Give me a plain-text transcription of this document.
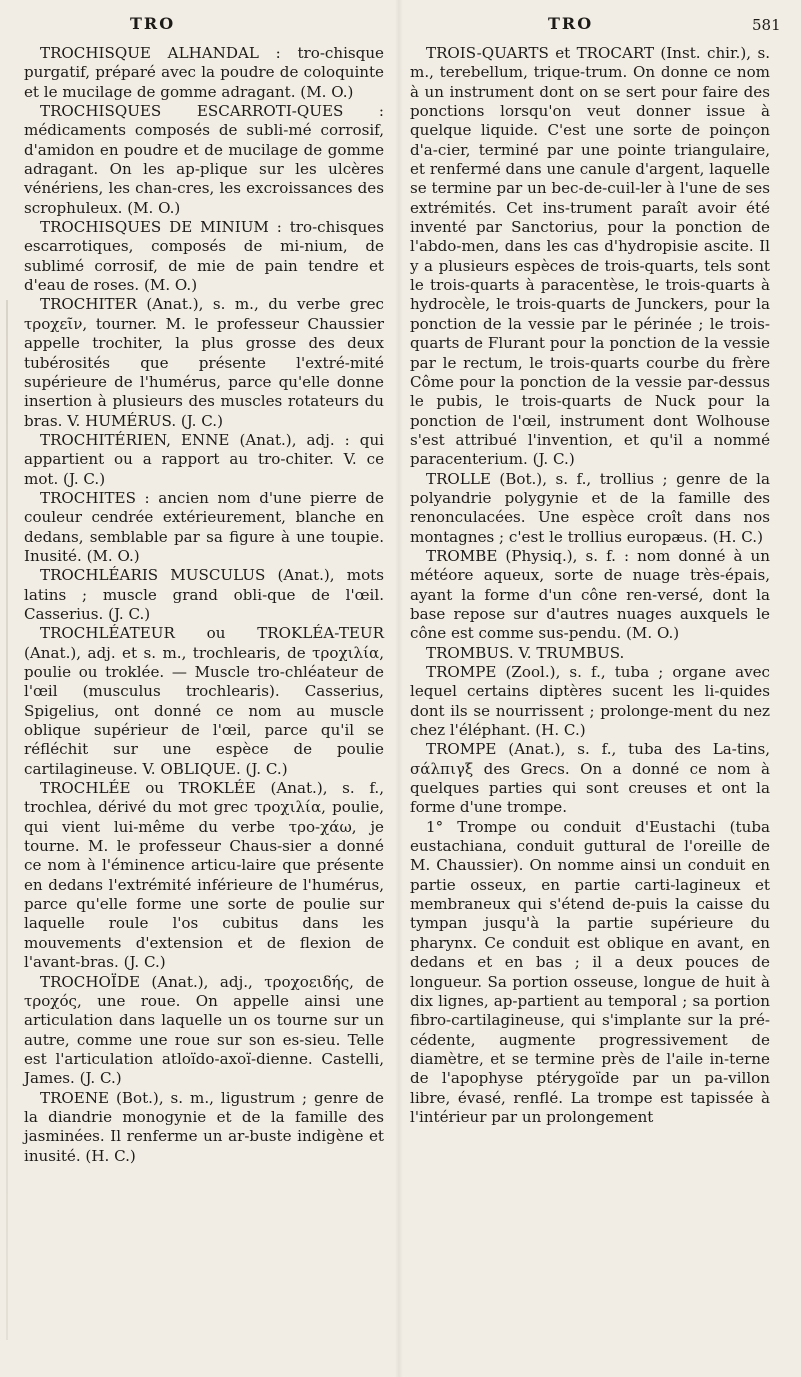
TRO	TRO	581

TROCHISQUE ALHANDAL : tro-chisque purgatif, préparé avec la poudre de coloquinte et le mucilage de gomme adragant. (M. O.)

TROCHISQUES ESCARROTI-QUES : médicaments composés de subli-mé corrosif, d'amidon en poudre et de mucilage de gomme adragant. On les ap-plique sur les ulcères vénériens, les chan-cres, les excroissances des scrophuleux. (M. O.)

TROCHISQUES DE MINIUM : tro-chisques escarrotiques, composés de mi-nium, de sublimé corrosif, de mie de pain tendre et d'eau de roses. (M. O.)

TROCHITER (Anat.), s. m., du verbe grec τροχεῖν, tourner. M. le professeur Chaussier appelle trochiter, la plus grosse des deux tubérosités que présente l'extré-mité supérieure de l'humérus, parce qu'elle donne insertion à plusieurs des muscles rotateurs du bras. V. HUMÉRUS. (J. C.)

TROCHITÉRIEN, ENNE (Anat.), adj. : qui appartient ou a rapport au tro-chiter. V. ce mot. (J. C.)

TROCHITES : ancien nom d'une pierre de couleur cendrée extérieurement, blanche en dedans, semblable par sa figure à une toupie. Inusité. (M. O.)

TROCHLÉARIS MUSCULUS (Anat.), mots latins ; muscle grand obli-que de l'œil. Casserius. (J. C.)

TROCHLÉATEUR ou TROKLÉA-TEUR (Anat.), adj. et s. m., trochlearis, de τροχιλία, poulie ou troklée. — Muscle tro-chléateur de l'œil (musculus trochlearis). Casserius, Spigelius, ont donné ce nom au muscle oblique supérieur de l'œil, parce qu'il se réfléchit sur une espèce de poulie cartilagineuse. V. OBLIQUE. (J. C.)

TROCHLÉE ou TROKLÉE (Anat.), s. f., trochlea, dérivé du mot grec τροχιλία, poulie, qui vient lui-même du verbe τρο-χάω, je tourne. M. le professeur Chaus-sier a donné ce nom à l'éminence articu-laire que présente en dedans l'extrémité inférieure de l'humérus, parce qu'elle forme une sorte de poulie sur laquelle roule l'os cubitus dans les mouvements d'extension et de flexion de l'avant-bras. (J. C.)

TROCHOÏDE (Anat.), adj., τροχοειδής, de τροχός, une roue. On appelle ainsi une articulation dans laquelle un os tourne sur un autre, comme une roue sur son es-sieu. Telle est l'articulation atloïdo-axoï-dienne. Castelli, James. (J. C.)

TROENE (Bot.), s. m., ligustrum ; genre de la diandrie monogynie et de la famille des jasminées. Il renferme un ar-buste indigène et inusité. (H. C.)

TROIS-QUARTS et TROCART (Inst. chir.), s. m., terebellum, trique-trum. On donne ce nom à un instrument dont on se sert pour faire des ponctions lorsqu'on veut donner issue à quelque liquide. C'est une sorte de poinçon d'a-cier, terminé par une pointe triangulaire, et renfermé dans une canule d'argent, laquelle se termine par un bec-de-cuil-ler à l'une de ses extrémités. Cet ins-trument paraît avoir été inventé par Sanctorius, pour la ponction de l'abdo-men, dans les cas d'hydropisie ascite. Il y a plusieurs espèces de trois-quarts, tels sont le trois-quarts à paracentèse, le trois-quarts à hydrocèle, le trois-quarts de Junckers, pour la ponction de la vessie par le périnée ; le trois-quarts de Flurant pour la ponction de la vessie par le rectum, le trois-quarts courbe du frère Côme pour la ponction de la vessie par-dessus le pubis, le trois-quarts de Nuck pour la ponction de l'œil, instrument dont Wolhouse s'est attribué l'invention, et qu'il a nommé paracenterium. (J. C.)

TROLLE (Bot.), s. f., trollius ; genre de la polyandrie polygynie et de la famille des renonculacées. Une espèce croît dans nos montagnes ; c'est le trollius europæus. (H. C.)

TROMBE (Physiq.), s. f. : nom donné à un météore aqueux, sorte de nuage très-épais, ayant la forme d'un cône ren-versé, dont la base repose sur d'autres nuages auxquels le cône est comme sus-pendu. (M. O.)

TROMBUS. V. TRUMBUS.

TROMPE (Zool.), s. f., tuba ; organe avec lequel certains diptères sucent les li-quides dont ils se nourrissent ; prolonge-ment du nez chez l'éléphant. (H. C.)

TROMPE (Anat.), s. f., tuba des La-tins, σάλπιγξ des Grecs. On a donné ce nom à quelques parties qui sont creuses et ont la forme d'une trompe.

1° Trompe ou conduit d'Eustachi (tuba eustachiana, conduit guttural de l'oreille de M. Chaussier). On nomme ainsi un conduit en partie osseux, en partie carti-lagineux et membraneux qui s'étend de-puis la caisse du tympan jusqu'à la partie supérieure du pharynx. Ce conduit est oblique en avant, en dedans et en bas ; il a deux pouces de longueur. Sa portion osseuse, longue de huit à dix lignes, ap-partient au temporal ; sa portion fibro-cartilagineuse, qui s'implante sur la pré-cédente, augmente progressivement de diamètre, et se termine près de l'aile in-terne de l'apophyse ptérygoïde par un pa-villon libre, évasé, renflé. La trompe est tapissée à l'intérieur par un prolongement
